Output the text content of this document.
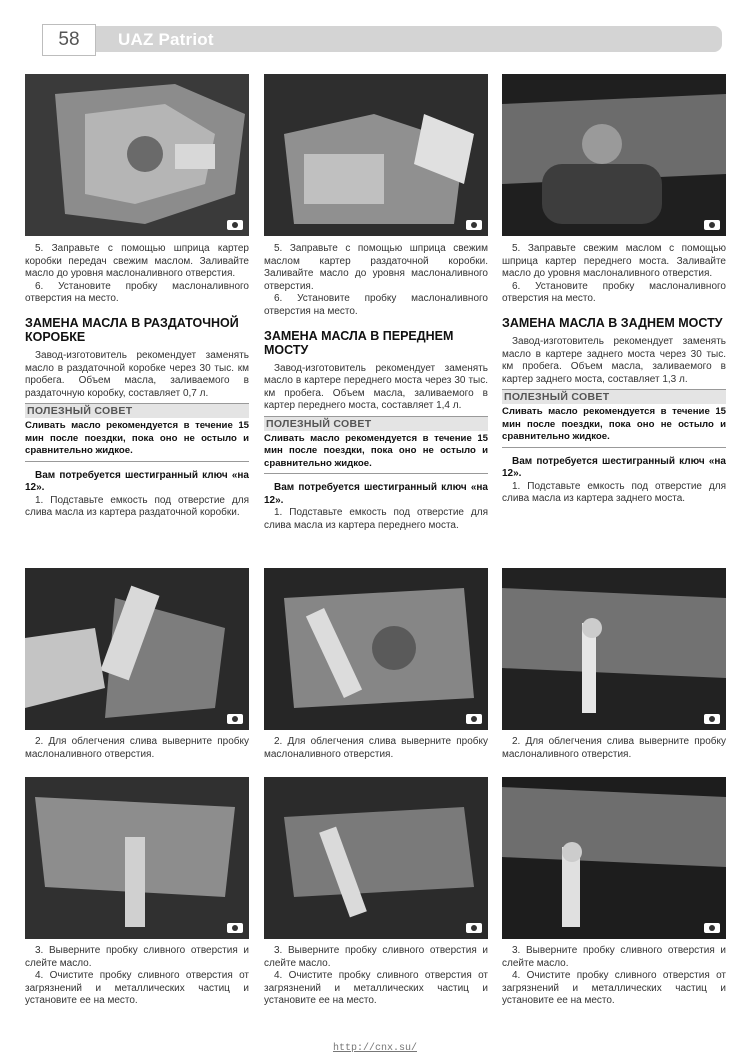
58	UAZ Patriot

5. Заправьте с помощью шприца картер коробки передач свежим маслом. Заливайте масло до уровня маслоналивного отверстия.

6. Установите пробку маслоналивного отверстия на место.

ЗАМЕНА МАСЛА В РАЗДАТОЧНОЙ КОРОБКЕ

Завод-изготовитель рекомендует заменять масло в раздаточной коробке через 30 тыс. км пробега. Объем масла, заливаемого в раздаточную коробку, составляет 0,7 л.

ПОЛЕЗНЫЙ СОВЕТ

Сливать масло рекомендуется в течение 15 мин после поездки, пока оно не остыло и сравнительно жидкое.

Вам потребуется шестигранный ключ «на 12».

1. Подставьте емкость под отверстие для слива масла из картера раздаточной коробки.

5. Заправьте с помощью шприца свежим маслом картер раздаточной коробки. Заливайте масло до уровня маслоналивного отверстия.

6. Установите пробку маслоналивного отверстия на место.

ЗАМЕНА МАСЛА В ПЕРЕДНЕМ МОСТУ

Завод-изготовитель рекомендует заменять масло в картере переднего моста через 30 тыс. км пробега. Объем масла, заливаемого в картер переднего моста, составляет 1,4 л.

ПОЛЕЗНЫЙ СОВЕТ

Сливать масло рекомендуется в течение 15 мин после поездки, пока оно не остыло и сравнительно жидкое.

Вам потребуется шестигранный ключ «на 12».

1. Подставьте емкость под отверстие для слива масла из картера переднего моста.

5. Заправьте свежим маслом с помощью шприца картер переднего моста. Заливайте масло до уровня маслоналивного отверстия.

6. Установите пробку маслоналивного отверстия на место.

ЗАМЕНА МАСЛА В ЗАДНЕМ МОСТУ

Завод-изготовитель рекомендует заменять масло в картере заднего моста через 30 тыс. км пробега. Объем масла, заливаемого в картер заднего моста, составляет 1,3 л.

ПОЛЕЗНЫЙ СОВЕТ

Сливать масло рекомендуется в течение 15 мин после поездки, пока оно не остыло и сравнительно жидкое.

Вам потребуется шестигранный ключ «на 12».

1. Подставьте емкость под отверстие для слива масла из картера заднего моста.

2. Для облегчения слива выверните пробку маслоналивного отверстия.

2. Для облегчения слива выверните пробку маслоналивного отверстия.

2. Для облегчения слива выверните пробку маслоналивного отверстия.

3. Выверните пробку сливного отверстия и слейте масло.

4. Очистите пробку сливного отверстия от загрязнений и металлических частиц и установите ее на место.

3. Выверните пробку сливного отверстия и слейте масло.

4. Очистите пробку сливного отверстия от загрязнений и металлических частиц и установите ее на место.

3. Выверните пробку сливного отверстия и слейте масло.

4. Очистите пробку сливного отверстия от загрязнений и металлических частиц и установите ее на место.

http://cnx.su/
